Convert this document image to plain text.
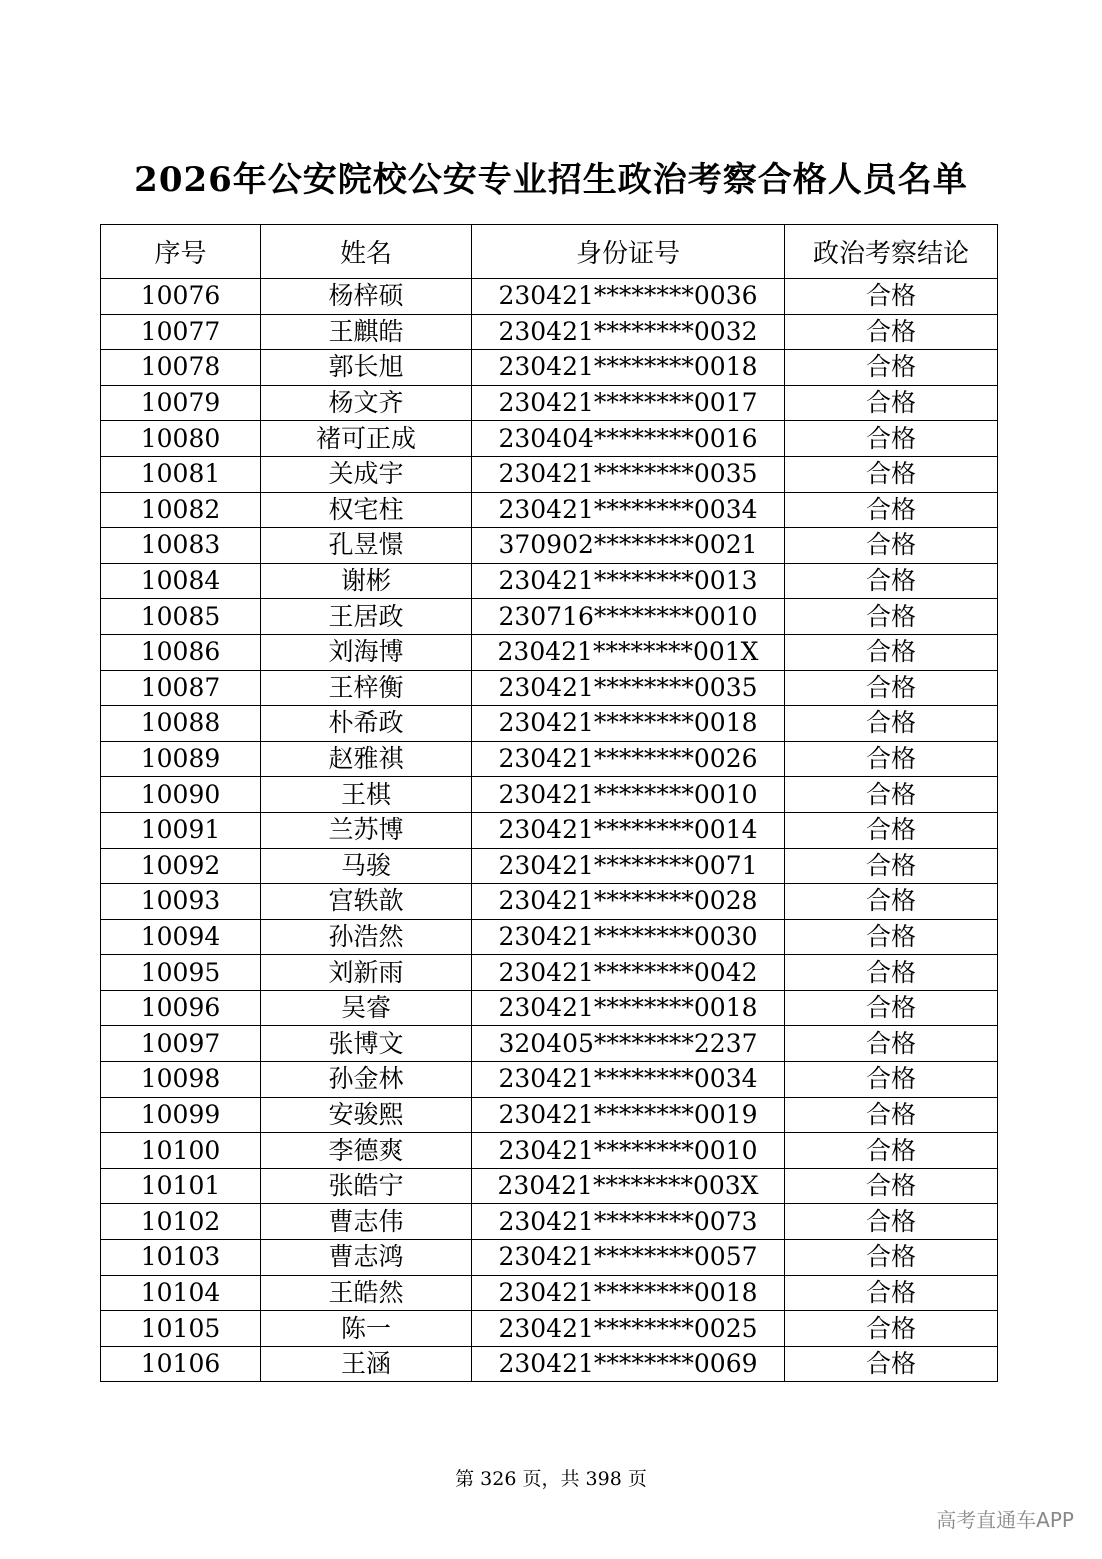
2026年公安院校公安专业招生政治考察合格人员名单
序号	姓名	身份证号	政治考察结论
10076	杨梓硕	230421********0036	合格
10077	王麒皓	230421********0032	合格
10078	郭长旭	230421********0018	合格
10079	杨文齐	230421********0017	合格
10080	褚可正成	230404********0016	合格
10081	关成宇	230421********0035	合格
10082	权宅柱	230421********0034	合格
10083	孔昱憬	370902********0021	合格
10084	谢彬	230421********0013	合格
10085	王居政	230716********0010	合格
10086	刘海博	230421********001X	合格
10087	王梓衡	230421********0035	合格
10088	朴希政	230421********0018	合格
10089	赵雅祺	230421********0026	合格
10090	王棋	230421********0010	合格
10091	兰苏博	230421********0014	合格
10092	马骏	230421********0071	合格
10093	宫轶歆	230421********0028	合格
10094	孙浩然	230421********0030	合格
10095	刘新雨	230421********0042	合格
10096	吴睿	230421********0018	合格
10097	张博文	320405********2237	合格
10098	孙金林	230421********0034	合格
10099	安骏熙	230421********0019	合格
10100	李德爽	230421********0010	合格
10101	张皓宁	230421********003X	合格
10102	曹志伟	230421********0073	合格
10103	曹志鸿	230421********0057	合格
10104	王皓然	230421********0018	合格
10105	陈一	230421********0025	合格
10106	王涵	230421********0069	合格
第 326 页，共 398 页
高考直通车APP
